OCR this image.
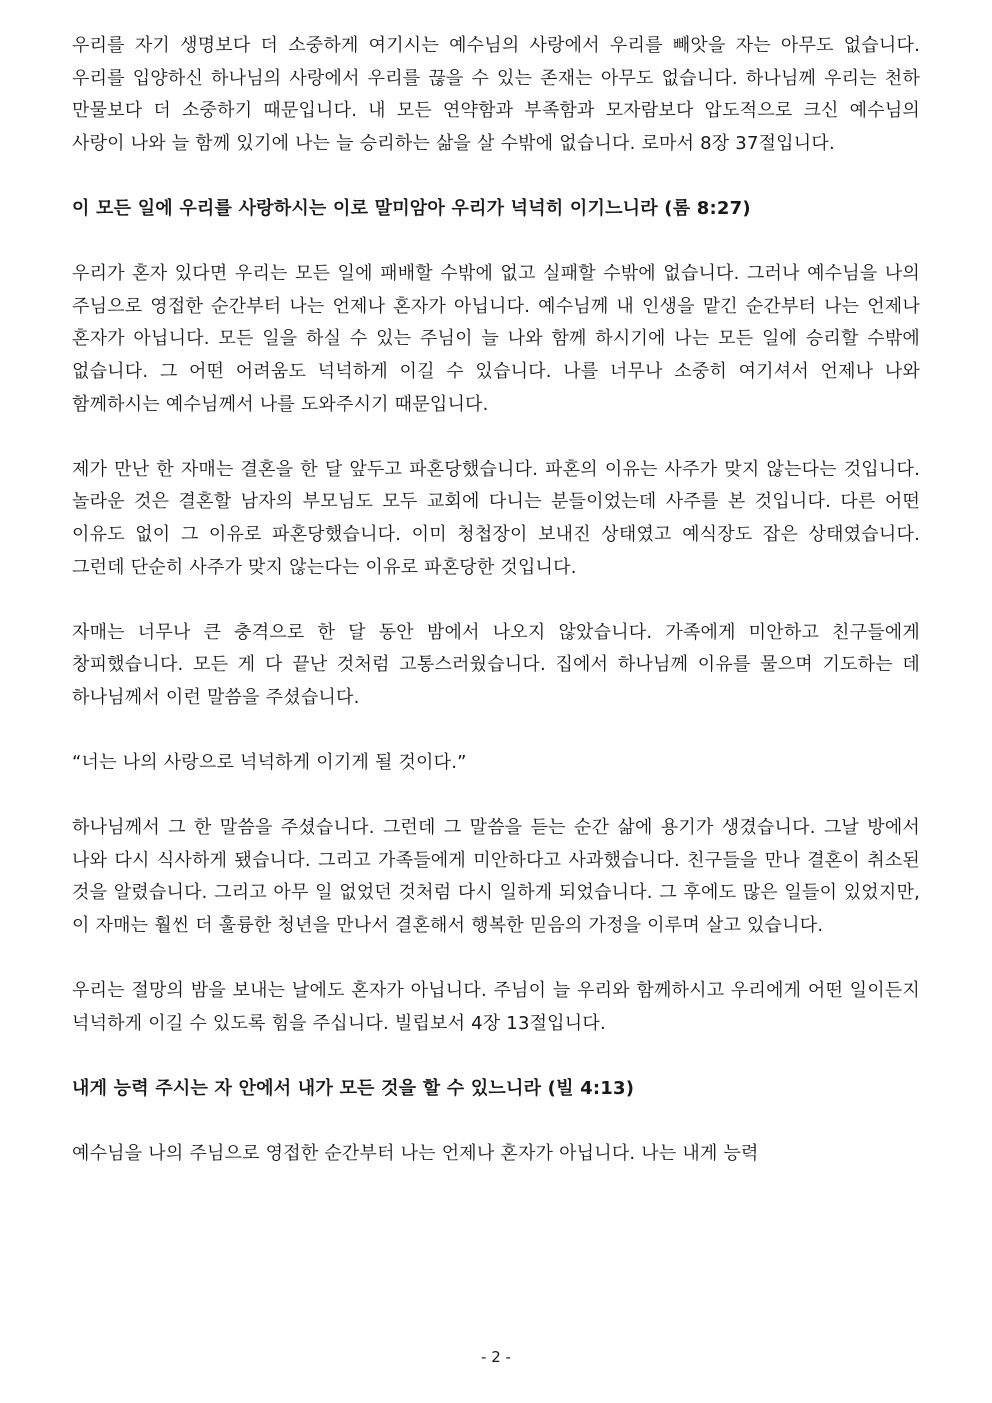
우리를 자기 생명보다 더 소중하게 여기시는 예수님의 사랑에서 우리를 빼앗을 자는 아무도 없습니다. 우리를 입양하신 하나님의 사랑에서 우리를 끊을 수 있는 존재는 아무도 없습니다. 하나님께 우리는 천하 만물보다 더 소중하기 때문입니다. 내 모든 연약함과 부족함과 모자람보다 압도적으로 크신 예수님의 사랑이 나와 늘 함께 있기에 나는 늘 승리하는 삶을 살 수밖에 없습니다. 로마서 8장 37절입니다.

이 모든 일에 우리를 사랑하시는 이로 말미암아 우리가 넉넉히 이기느니라 (롬 8:27)

우리가 혼자 있다면 우리는 모든 일에 패배할 수밖에 없고 실패할 수밖에 없습니다. 그러나 예수님을 나의 주님으로 영접한 순간부터 나는 언제나 혼자가 아닙니다. 예수님께 내 인생을 맡긴 순간부터 나는 언제나 혼자가 아닙니다. 모든 일을 하실 수 있는 주님이 늘 나와 함께 하시기에 나는 모든 일에 승리할 수밖에 없습니다. 그 어떤 어려움도 넉넉하게 이길 수 있습니다. 나를 너무나 소중히 여기셔서 언제나 나와 함께하시는 예수님께서 나를 도와주시기 때문입니다.

제가 만난 한 자매는 결혼을 한 달 앞두고 파혼당했습니다. 파혼의 이유는 사주가 맞지 않는다는 것입니다. 놀라운 것은 결혼할 남자의 부모님도 모두 교회에 다니는 분들이었는데 사주를 본 것입니다. 다른 어떤 이유도 없이 그 이유로 파혼당했습니다. 이미 청첩장이 보내진 상태였고 예식장도 잡은 상태였습니다. 그런데 단순히 사주가 맞지 않는다는 이유로 파혼당한 것입니다.

자매는 너무나 큰 충격으로 한 달 동안 밤에서 나오지 않았습니다. 가족에게 미안하고 친구들에게 창피했습니다. 모든 게 다 끝난 것처럼 고통스러웠습니다. 집에서 하나님께 이유를 물으며 기도하는 데 하나님께서 이런 말씀을 주셨습니다.

“너는 나의 사랑으로 넉넉하게 이기게 될 것이다.”

하나님께서 그 한 말씀을 주셨습니다. 그런데 그 말씀을 듣는 순간 삶에 용기가 생겼습니다. 그날 방에서 나와 다시 식사하게 됐습니다. 그리고 가족들에게 미안하다고 사과했습니다. 친구들을 만나 결혼이 취소된 것을 알렸습니다. 그리고 아무 일 없었던 것처럼 다시 일하게 되었습니다. 그 후에도 많은 일들이 있었지만, 이 자매는 훨씬 더 훌륭한 청년을 만나서 결혼해서 행복한 믿음의 가정을 이루며 살고 있습니다.

우리는 절망의 밤을 보내는 날에도 혼자가 아닙니다. 주님이 늘 우리와 함께하시고 우리에게 어떤 일이든지 넉넉하게 이길 수 있도록 힘을 주십니다. 빌립보서 4장 13절입니다.

내게 능력 주시는 자 안에서 내가 모든 것을 할 수 있느니라 (빌 4:13)

예수님을 나의 주님으로 영접한 순간부터 나는 언제나 혼자가 아닙니다. 나는 내게 능력

- 2 -
